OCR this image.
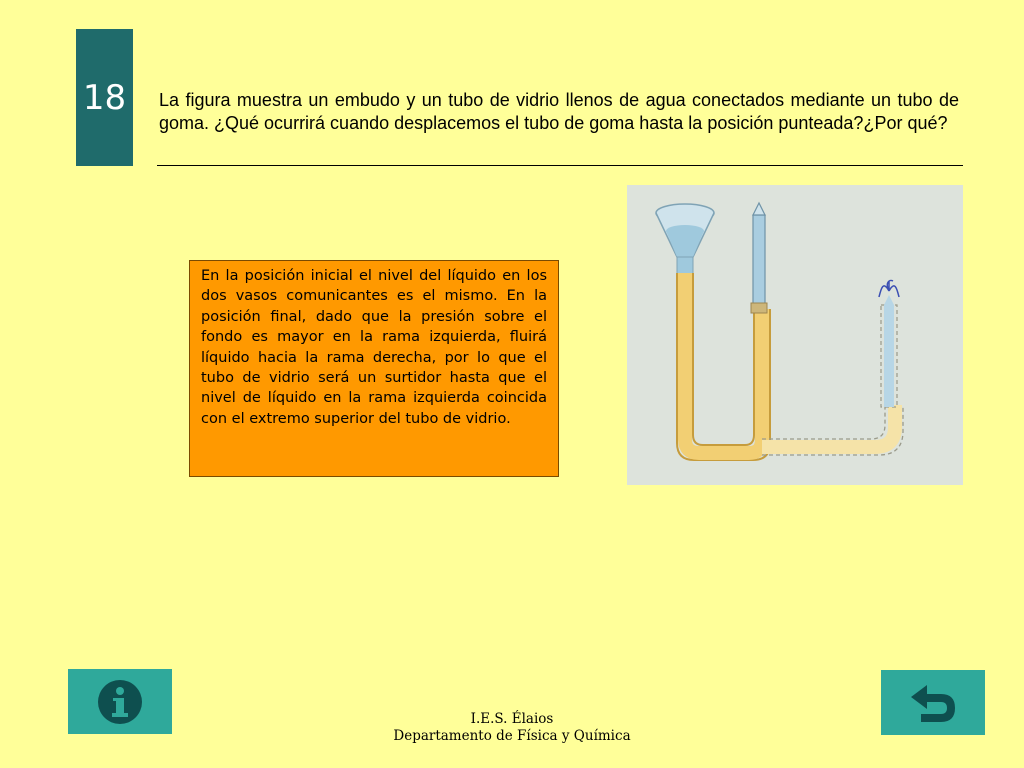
18	La figura muestra un embudo y un tubo de vidrio llenos de agua conectados mediante un tubo de goma. ¿Qué ocurrirá cuando desplacemos el tubo de goma hasta la posición punteada?¿Por qué?
En la posición inicial el nivel del líquido en los dos vasos comunicantes es el mismo. En la posición final, dado que la presión sobre el fondo es mayor en la rama izquierda, fluirá líquido hacia la rama derecha, por lo que el tubo de vidrio será un surtidor hasta que el nivel de líquido en la rama izquierda coincida con el extremo superior del tubo de vidrio.
I.E.S. Élaios
Departamento de Física y Química
